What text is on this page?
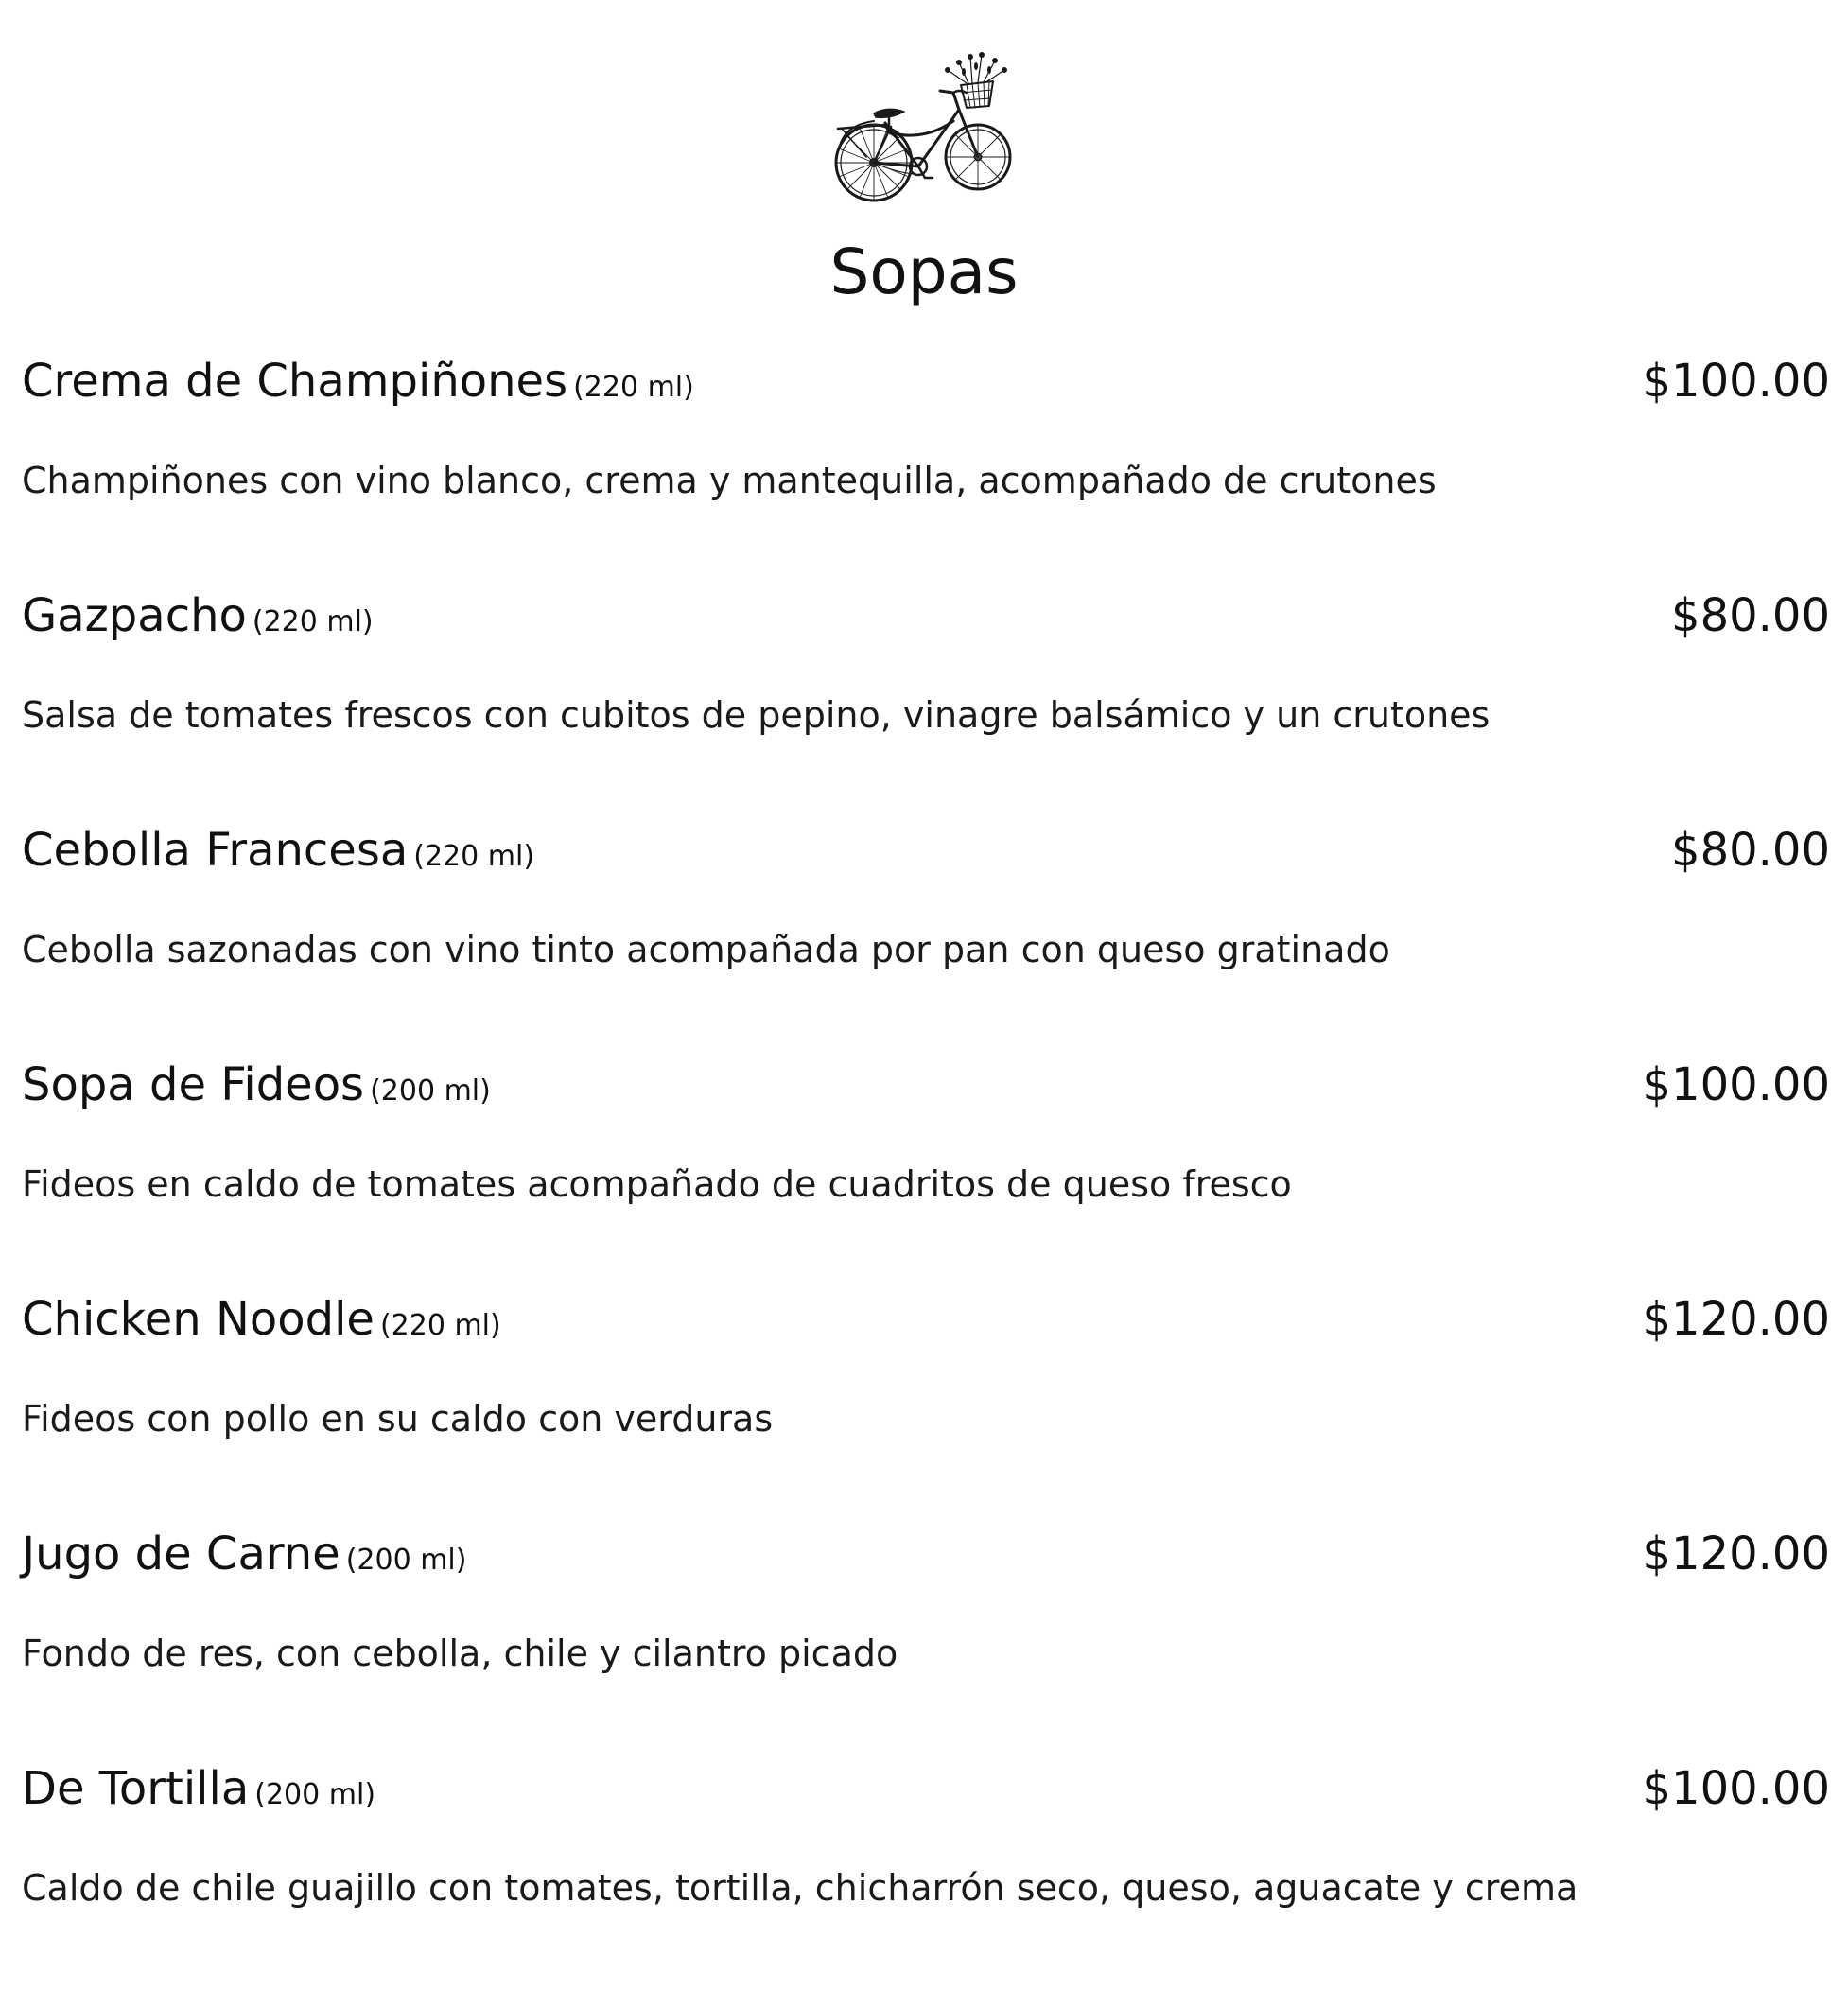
Sopas
Crema de Champiñones (220 ml)	$100.00
Champiñones con vino blanco, crema y mantequilla, acompañado de crutones
Gazpacho (220 ml)	$80.00
Salsa de tomates frescos con cubitos de pepino, vinagre balsámico y un crutones
Cebolla Francesa (220 ml)	$80.00
Cebolla sazonadas con vino tinto acompañada por pan con queso gratinado
Sopa de Fideos (200 ml)	$100.00
Fideos en caldo de tomates acompañado de cuadritos de queso fresco
Chicken Noodle (220 ml)	$120.00
Fideos con pollo en su caldo con verduras
Jugo de Carne (200 ml)	$120.00
Fondo de res, con cebolla, chile y cilantro picado
De Tortilla (200 ml)	$100.00
Caldo de chile guajillo con tomates, tortilla, chicharrón seco, queso, aguacate y crema
